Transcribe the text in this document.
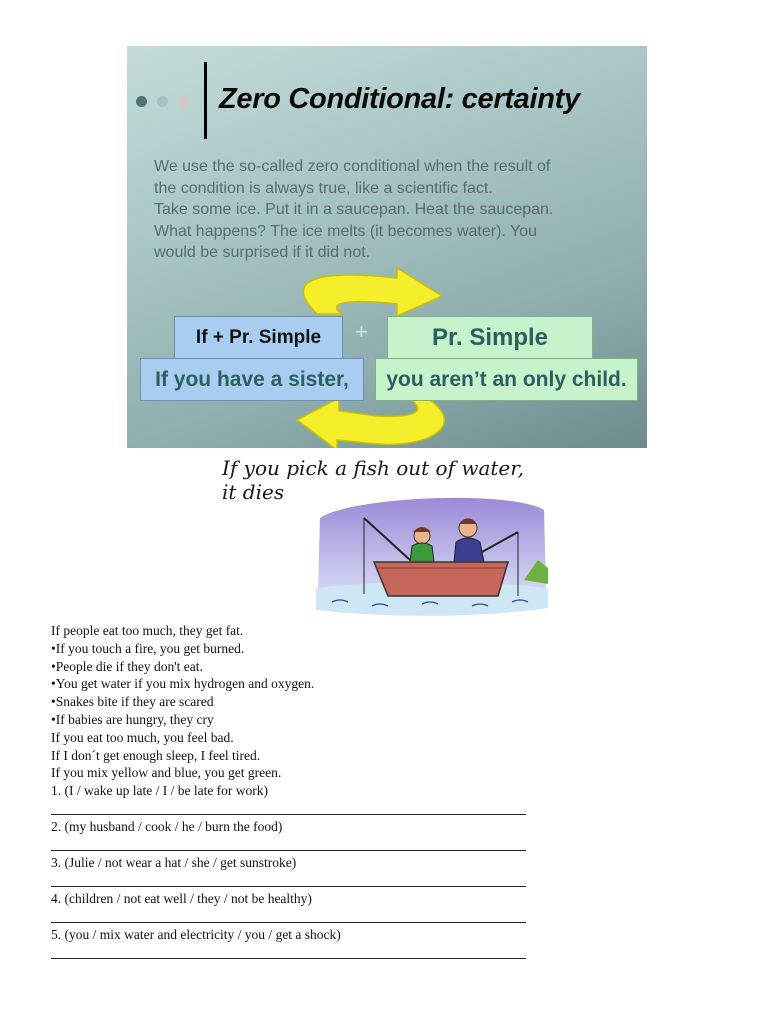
Zero Conditional: certainty
We use the so-called zero conditional when the result of
the condition is always true, like a scientific fact.
Take some ice. Put it in a saucepan. Heat the saucepan.
What happens? The ice melts (it becomes water). You
would be surprised if it did not.
If + Pr. Simple	+	Pr. Simple
If you have a sister,	you aren’t an only child.
If you pick a fish out of water,
it dies
If people eat too much, they get fat.
•If you touch a fire, you get burned.
•People die if they don't eat.
•You get water if you mix hydrogen and oxygen.
•Snakes bite if they are scared
•If babies are hungry, they cry
If you eat too much, you feel bad.
If I don´t get enough sleep, I feel tired.
If you mix yellow and blue, you get green.
1. (I / wake up late / I / be late for work)
2. (my husband / cook / he / burn the food)
3. (Julie / not wear a hat / she / get sunstroke)
4. (children / not eat well / they / not be healthy)
5. (you / mix water and electricity / you / get a shock)
